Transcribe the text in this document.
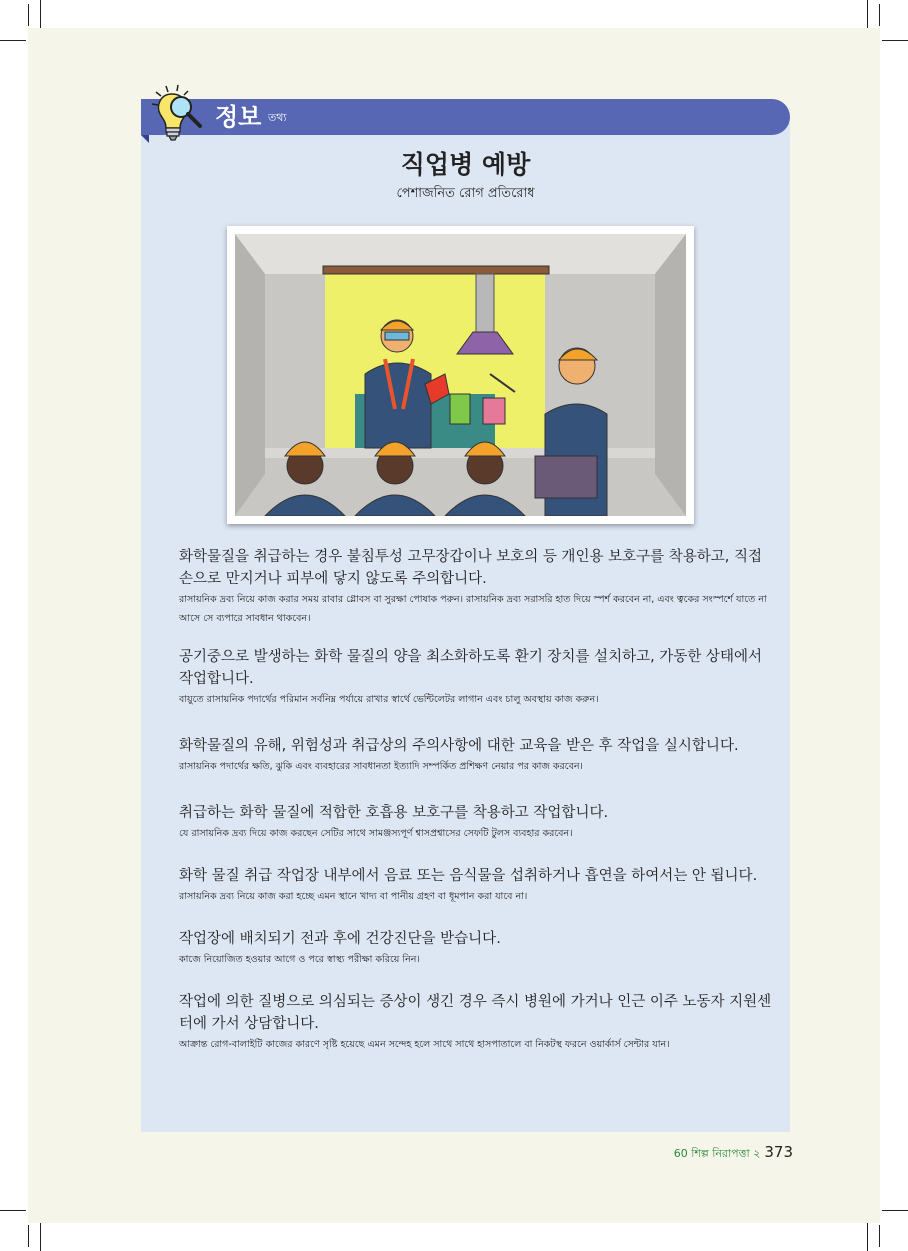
정보 তথ্য
직업병 예방
পেশাজনিত রোগ প্রতিরোধ

화학물질을 취급하는 경우 불침투성 고무장갑이나 보호의 등 개인용 보호구를 착용하고, 직접 손으로 만지거나 피부에 닿지 않도록 주의합니다.

রাসায়নিক দ্রব্য নিয়ে কাজ করার সময় রাবার গ্লোবস বা সুরক্ষা পোষাক পরুন। রাসায়নিক দ্রব্য সরাসরি হাত দিয়ে স্পর্শ করবেন না, এবং ত্বকের সংস্পর্শে যাতে না আসে সে ব্যপারে সাবধান থাকবেন।

공기중으로 발생하는 화학 물질의 양을 최소화하도록 환기 장치를 설치하고, 가동한 상태에서 작업합니다.

বায়ুতে রাসায়নিক পদার্থের পরিমান সর্বনিম্ন পর্যায়ে রাখার স্বার্থে ভেন্টিলেটর লাগান এবং চালু অবস্থায় কাজ করুন।

화학물질의 유해, 위험성과 취급상의 주의사항에 대한 교육을 받은 후 작업을 실시합니다.

রাসায়নিক পদার্থের ক্ষতি, ঝুকি এবং ব্যবহারের সাবধানতা ইত্যাদি সম্পর্কিত প্রশিক্ষণ নেয়ার পর কাজ করবেন।

취급하는 화학 물질에 적합한 호흡용 보호구를 착용하고 작업합니다.

যে রাসায়নিক দ্রব্য দিয়ে কাজ করছেন সেটির সাথে সামঞ্জস্যপূর্ণ শ্বাসপ্রশ্বাসের সেফটি টুলস ব্যবহার করবেন।

화학 물질 취급 작업장 내부에서 음료 또는 음식물을 섭취하거나 흡연을 하여서는 안 됩니다.

রাসায়নিক দ্রব্য নিয়ে কাজ করা হচ্ছে এমন স্থানে খাদ্য বা পানীয় গ্রহণ বা ধূমপান করা যাবে না।

작업장에 배치되기 전과 후에 건강진단을 받습니다.

কাজে নিয়োজিত হওয়ার আগে ও পরে স্বাস্থ্য পরীক্ষা করিয়ে নিন।

작업에 의한 질병으로 의심되는 증상이 생긴 경우 즉시 병원에 가거나 인근 이주 노동자 지원센터에 가서 상담합니다.

আক্রান্ত রোগ-বালাইটি কাজের কারণে সৃষ্টি হয়েছে এমন সন্দেহ হলে সাথে সাথে হাসপাতালে বা নিকটস্থ ফরনে ওয়ার্কার্স সেন্টার যান।

60 শিল্প নিরাপত্তা ২ 373
